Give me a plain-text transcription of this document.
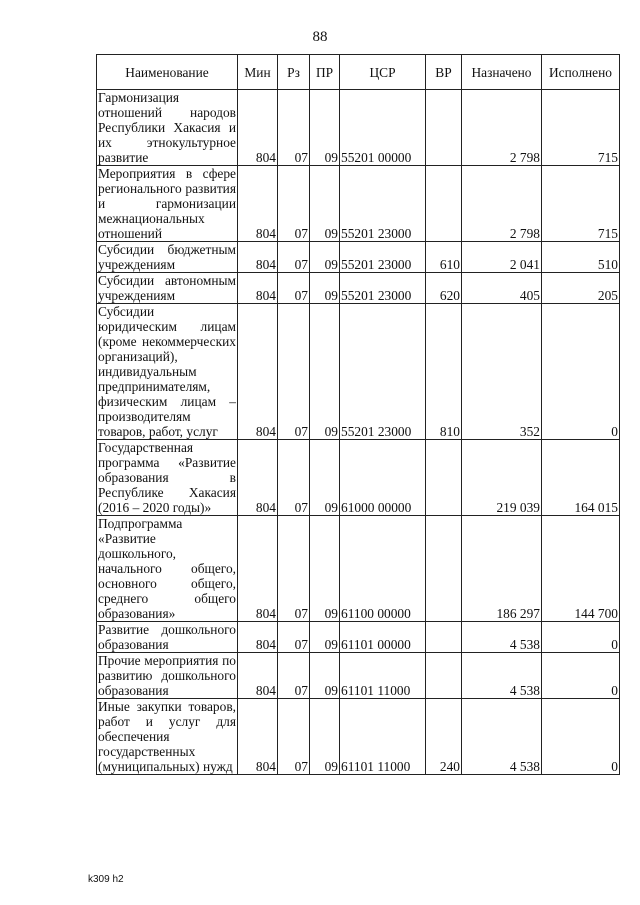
88
Наименование	Мин	Рз	ПР	ЦСР	ВР	Назначено	Исполнено
Гармонизация отношений народов Республики Хакасия и их этнокультурное развитие	804	07	09	55201 00000		2 798	715
Мероприятия в сфере регионального развития и гармонизации межнациональных отношений	804	07	09	55201 23000		2 798	715
Субсидии бюджетным учреждениям	804	07	09	55201 23000	610	2 041	510
Субсидии автономным учреждениям	804	07	09	55201 23000	620	405	205
Субсидии юридическим лицам (кроме некоммерческих организаций), индивидуальным предпринимателям, физическим лицам – производителям товаров, работ, услуг	804	07	09	55201 23000	810	352	0
Государственная программа «Развитие образования в Республике Хакасия (2016 – 2020 годы)»	804	07	09	61000 00000		219 039	164 015
Подпрограмма «Развитие дошкольного, начального общего, основного общего, среднего общего образования»	804	07	09	61100 00000		186 297	144 700
Развитие дошкольного образования	804	07	09	61101 00000		4 538	0
Прочие мероприятия по развитию дошкольного образования	804	07	09	61101 11000		4 538	0
Иные закупки товаров, работ и услуг для обеспечения государственных (муниципальных) нужд	804	07	09	61101 11000	240	4 538	0
k309 h2
